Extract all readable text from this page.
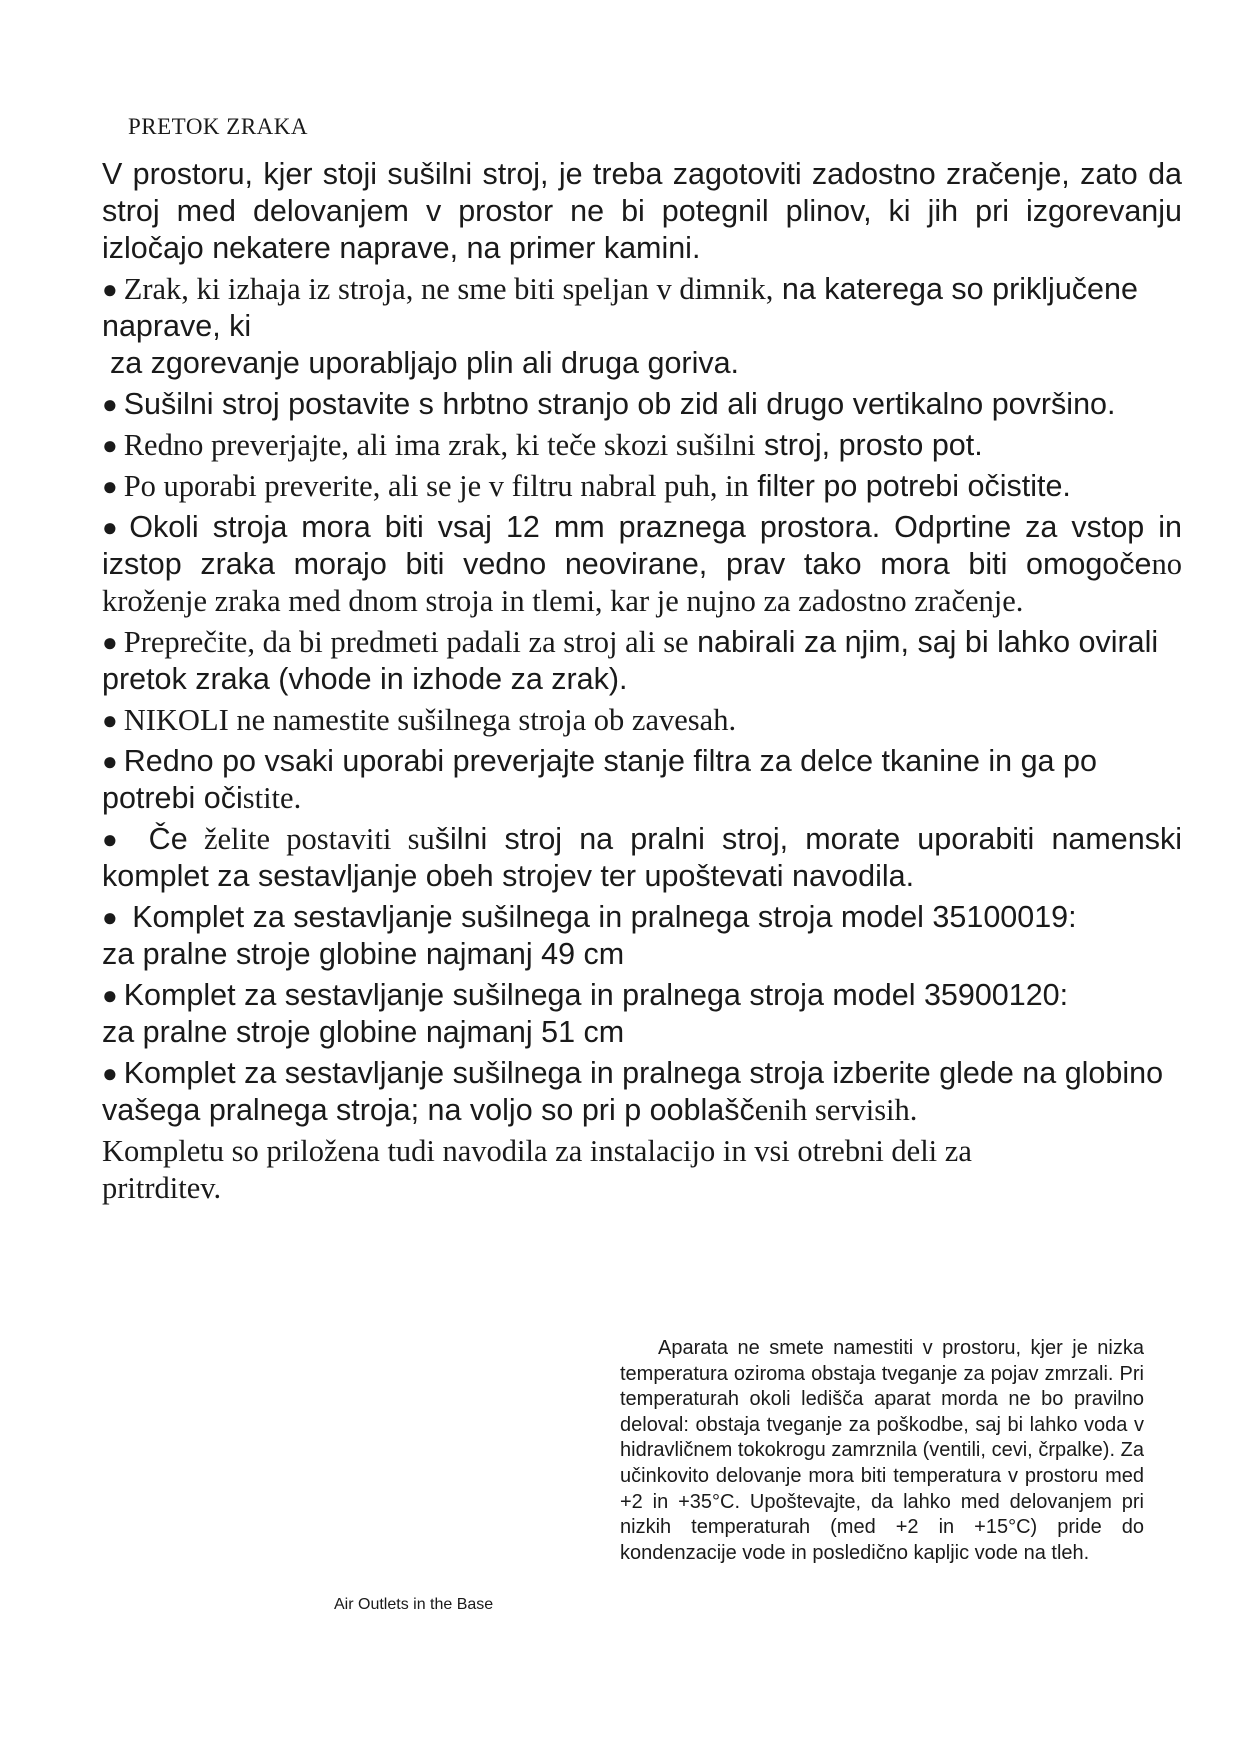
PRETOK ZRAKA

V prostoru, kjer stoji sušilni stroj, je treba zagotoviti zadostno zračenje, zato da stroj med delovanjem v prostor ne bi potegnil plinov, ki jih pri izgorevanju izločajo nekatere naprave, na primer kamini.

● Zrak, ki izhaja iz stroja, ne sme biti speljan v dimnik, na katerega so priključene naprave, ki
za zgorevanje uporabljajo plin ali druga goriva.

● Sušilni stroj postavite s hrbtno stranjo ob zid ali drugo vertikalno površino.

● Redno preverjajte, ali ima zrak, ki teče skozi sušilni stroj, prosto pot.

● Po uporabi preverite, ali se je v filtru nabral puh, in filter po potrebi očistite.

● Okoli stroja mora biti vsaj 12 mm praznega prostora. Odprtine za vstop in izstop zraka morajo biti vedno neovirane, prav tako mora biti omogočeno kroženje zraka med dnom stroja in tlemi, kar je nujno za zadostno zračenje.

● Preprečite, da bi predmeti padali za stroj ali se nabirali za njim, saj bi lahko ovirali pretok zraka (vhode in izhode za zrak).

● NIKOLI ne namestite sušilnega stroja ob zavesah.

● Redno po vsaki uporabi preverjajte stanje filtra za delce tkanine in ga po potrebi očistite.

● Če želite postaviti sušilni stroj na pralni stroj, morate uporabiti namenski komplet za sestavljanje obeh strojev ter upoštevati navodila.

● Komplet za sestavljanje sušilnega in pralnega stroja model 35100019:
za pralne stroje globine najmanj 49 cm

● Komplet za sestavljanje sušilnega in pralnega stroja model 35900120:
za pralne stroje globine najmanj 51 cm

● Komplet za sestavljanje sušilnega in pralnega stroja izberite glede na globino vašega pralnega stroja; na voljo so pri p ooblaščenih servisih.

Kompletu so priložena tudi navodila za instalacijo in vsi otrebni deli za pritrditev.

Air Outlets in the Base

Aparata ne smete namestiti v prostoru, kjer je nizka temperatura oziroma obstaja tveganje za pojav zmrzali. Pri temperaturah okoli ledišča aparat morda ne bo pravilno deloval: obstaja tveganje za poškodbe, saj bi lahko voda v hidravličnem tokokrogu zamrznila (ventili, cevi, črpalke). Za učinkovito delovanje mora biti temperatura v prostoru med +2 in +35°C. Upoštevajte, da lahko med delovanjem pri nizkih temperaturah (med +2 in +15°C) pride do kondenzacije vode in posledično kapljic vode na tleh.
